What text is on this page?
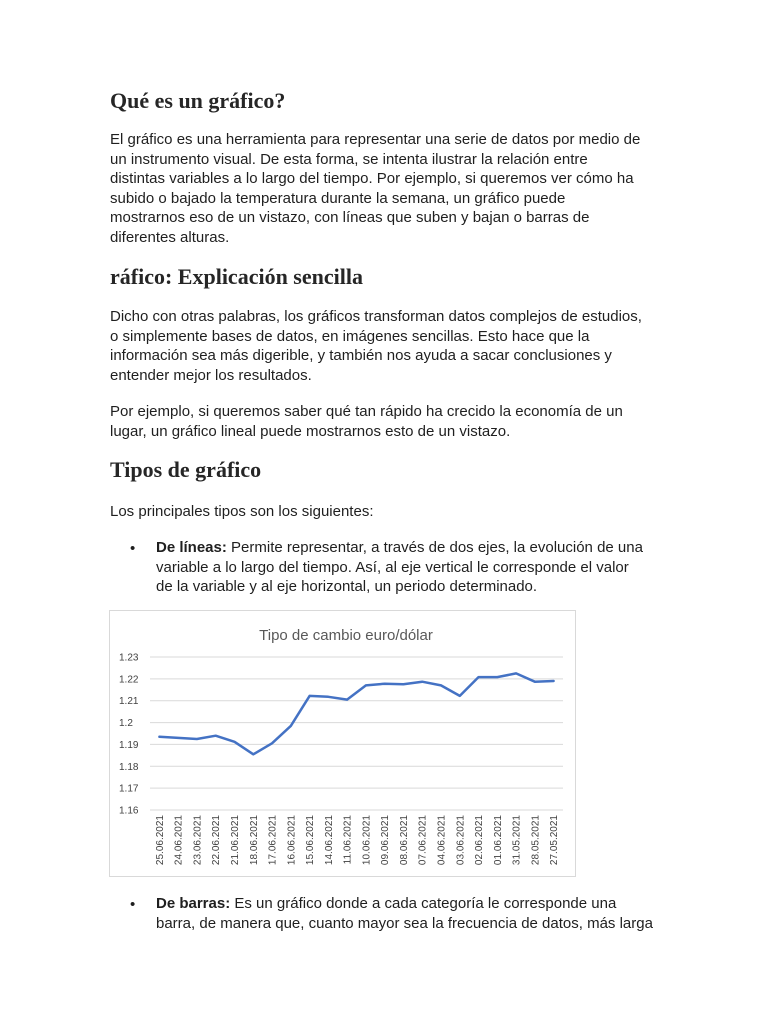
Qué es un gráfico?

El gráfico es una herramienta para representar una serie de datos por medio de
un instrumento visual. De esta forma, se intenta ilustrar la relación entre
distintas variables a lo largo del tiempo. Por ejemplo, si queremos ver cómo ha
subido o bajado la temperatura durante la semana, un gráfico puede
mostrarnos eso de un vistazo, con líneas que suben y bajan o barras de
diferentes alturas.

ráfico: Explicación sencilla

Dicho con otras palabras, los gráficos transforman datos complejos de estudios,
o simplemente bases de datos, en imágenes sencillas. Esto hace que la
información sea más digerible, y también nos ayuda a sacar conclusiones y
entender mejor los resultados.

Por ejemplo, si queremos saber qué tan rápido ha crecido la economía de un
lugar, un gráfico lineal puede mostrarnos esto de un vistazo.

Tipos de gráfico

Los principales tipos son los siguientes:

• De líneas: Permite representar, a través de dos ejes, la evolución de una
variable a lo largo del tiempo. Así, al eje vertical le corresponde el valor
de la variable y al eje horizontal, un periodo determinado.

Tipo de cambio euro/dólar
1.23
1.22
1.21
1.2
1.19
1.18
1.17
1.16
25.06.2021 24.06.2021 23.06.2021 22.06.2021 21.06.2021 18.06.2021 17.06.2021 16.06.2021 15.06.2021 14.06.2021 11.06.2021 10.06.2021 09.06.2021 08.06.2021 07.06.2021 04.06.2021 03.06.2021 02.06.2021 01.06.2021 31.05.2021 28.05.2021 27.05.2021
• De barras: Es un gráfico donde a cada categoría le corresponde una
barra, de manera que, cuanto mayor sea la frecuencia de datos, más larga
